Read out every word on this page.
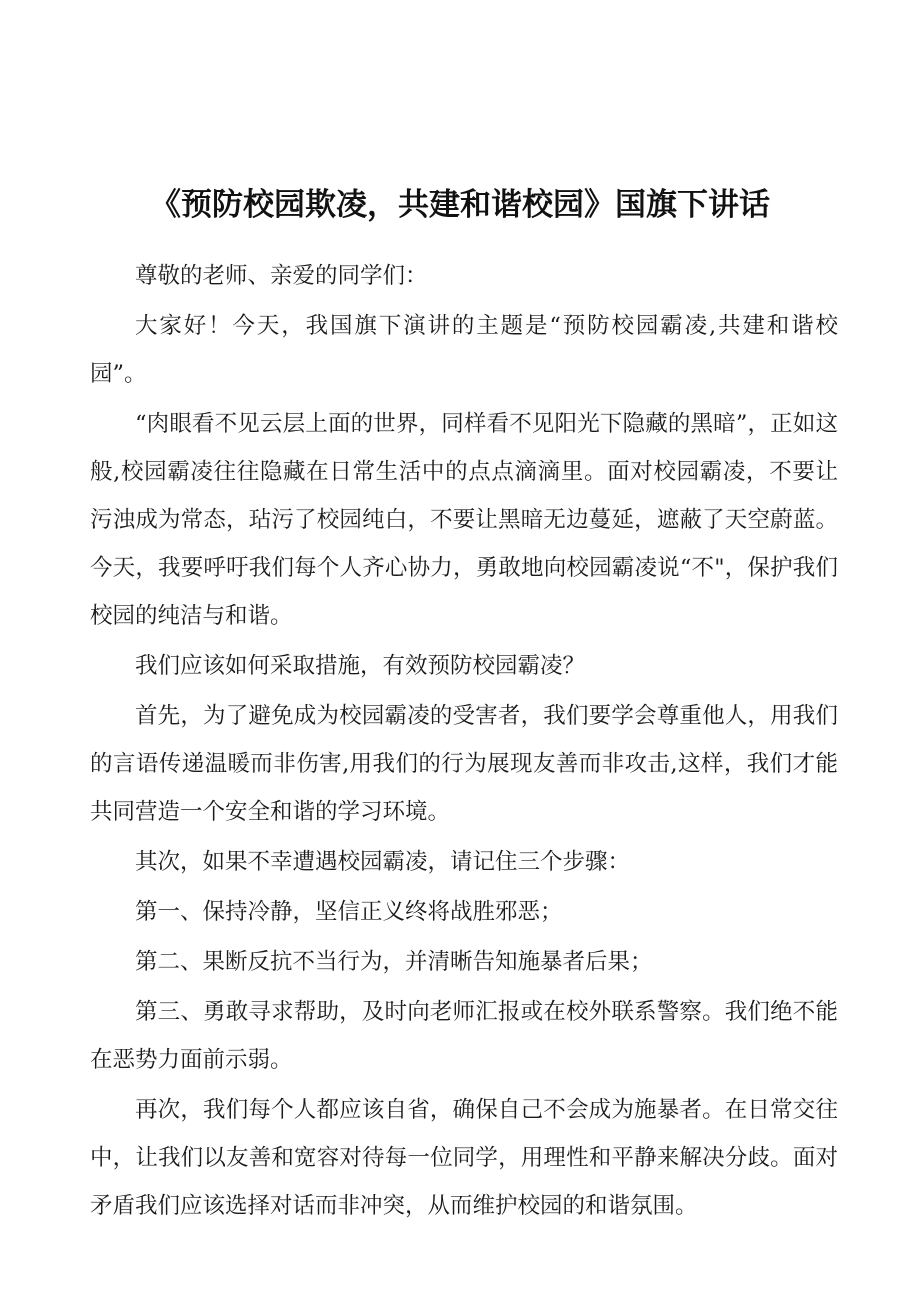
《预防校园欺凌，共建和谐校园》国旗下讲话

尊敬的老师、亲爱的同学们：

大家好！今天，我国旗下演讲的主题是“预防校园霸凌,共建和谐校园”。

“肉眼看不见云层上面的世界，同样看不见阳光下隐藏的黑暗”，正如这般,校园霸凌往往隐藏在日常生活中的点点滴滴里。面对校园霸凌，不要让污浊成为常态，玷污了校园纯白，不要让黑暗无边蔓延，遮蔽了天空蔚蓝。今天，我要呼吁我们每个人齐心协力，勇敢地向校园霸凌说“不"，保护我们校园的纯洁与和谐。

我们应该如何采取措施，有效预防校园霸凌？

首先，为了避免成为校园霸凌的受害者，我们要学会尊重他人，用我们的言语传递温暖而非伤害,用我们的行为展现友善而非攻击,这样，我们才能共同营造一个安全和谐的学习环境。

其次，如果不幸遭遇校园霸凌，请记住三个步骤：

第一、保持冷静，坚信正义终将战胜邪恶；

第二、果断反抗不当行为，并清晰告知施暴者后果；

第三、勇敢寻求帮助，及时向老师汇报或在校外联系警察。我们绝不能在恶势力面前示弱。

再次，我们每个人都应该自省，确保自己不会成为施暴者。在日常交往中，让我们以友善和宽容对待每一位同学，用理性和平静来解决分歧。面对矛盾我们应该选择对话而非冲突，从而维护校园的和谐氛围。
